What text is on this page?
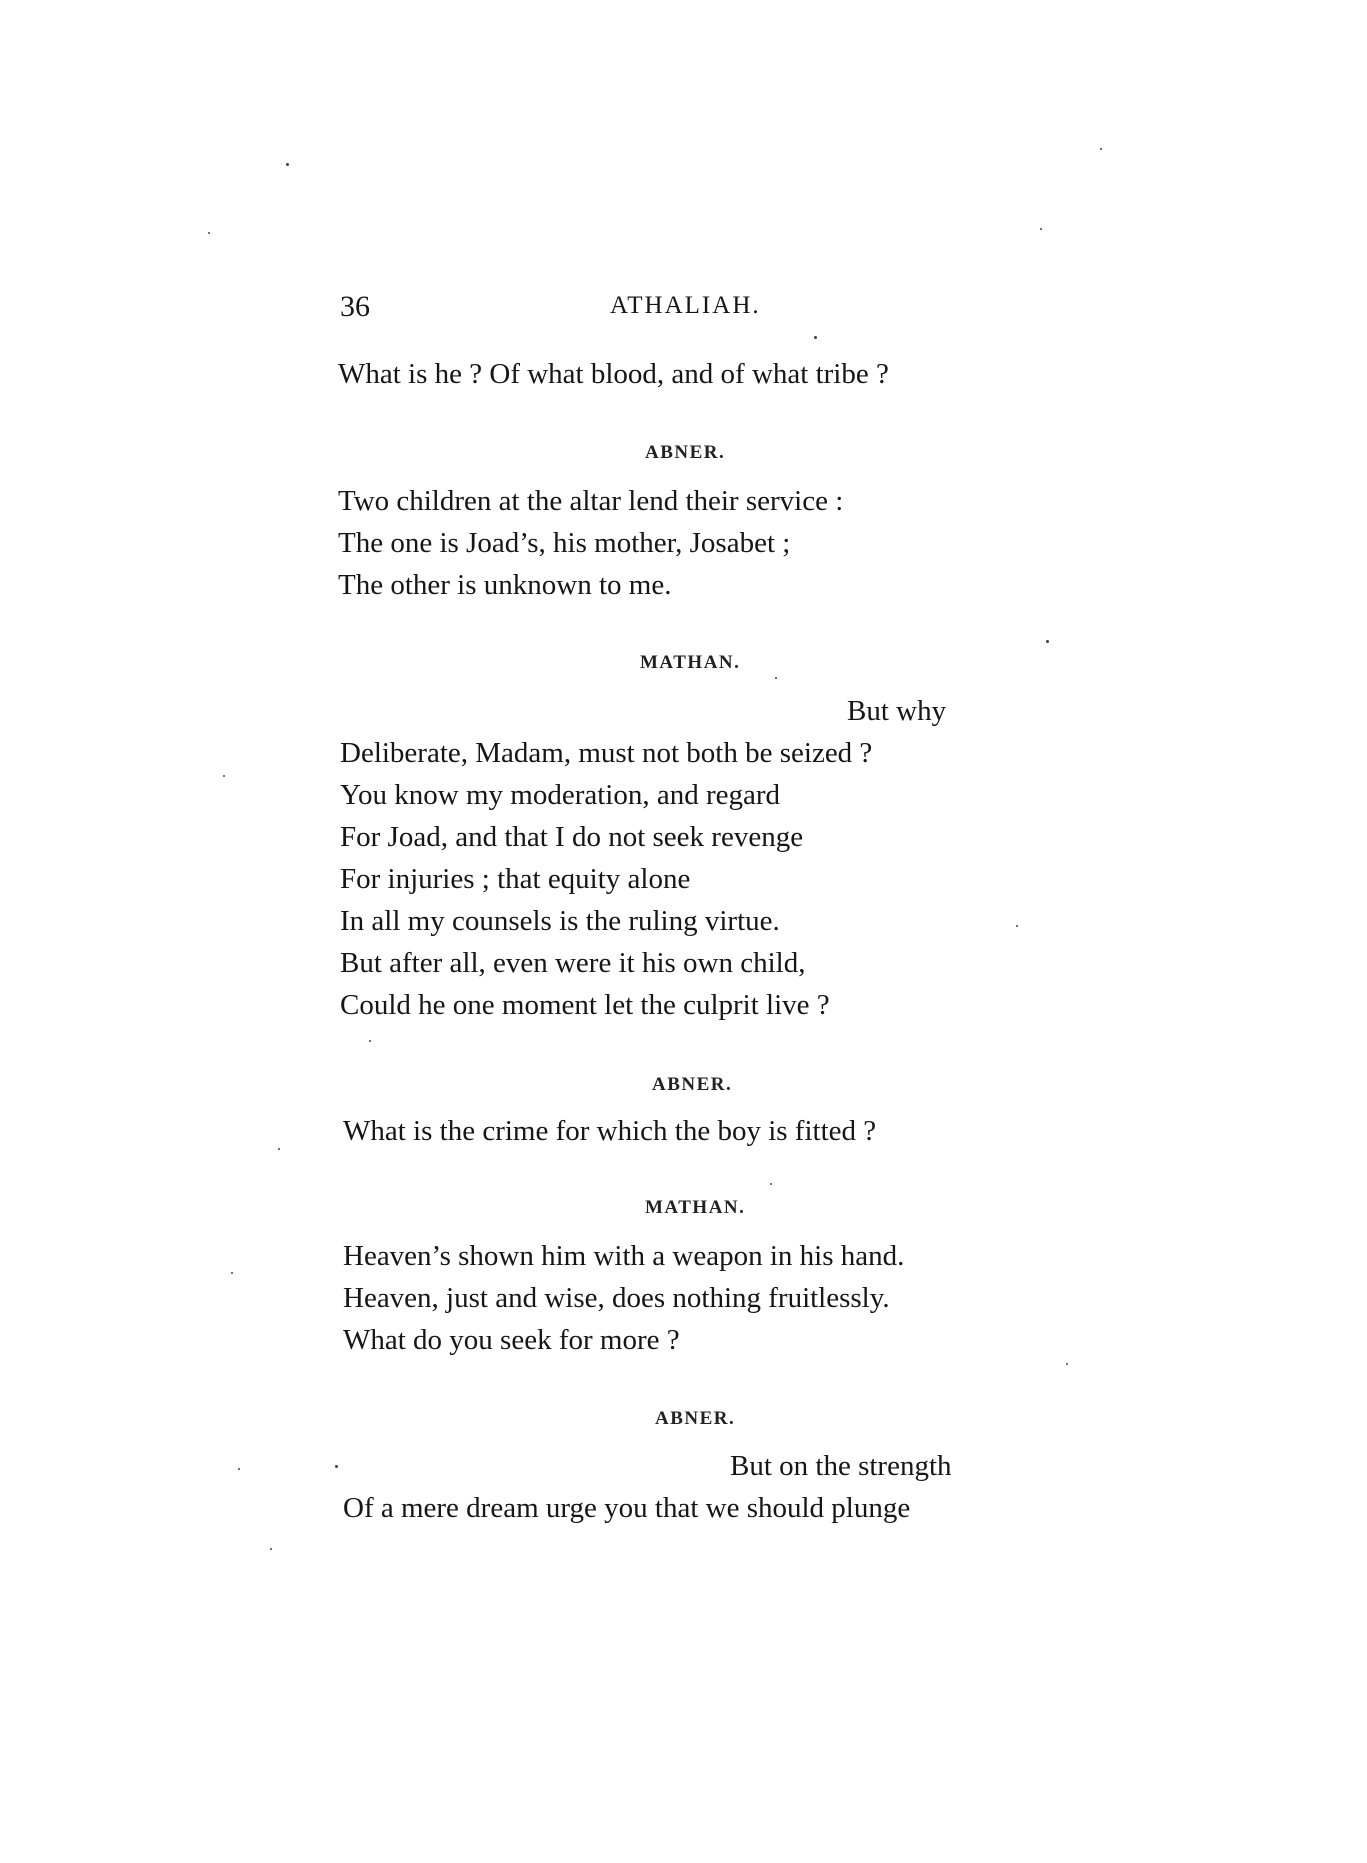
36	ATHALIAH.
What is he ? Of what blood, and of what tribe ?
ABNER.
Two children at the altar lend their service :
The one is Joad’s, his mother, Josabet ;
The other is unknown to me.
MATHAN.
But why
Deliberate, Madam, must not both be seized ?
You know my moderation, and regard
For Joad, and that I do not seek revenge
For injuries ; that equity alone
In all my counsels is the ruling virtue.
But after all, even were it his own child,
Could he one moment let the culprit live ?
ABNER.
What is the crime for which the boy is fitted ?
MATHAN.
Heaven’s shown him with a weapon in his hand.
Heaven, just and wise, does nothing fruitlessly.
What do you seek for more ?
ABNER.
But on the strength
Of a mere dream urge you that we should plunge
